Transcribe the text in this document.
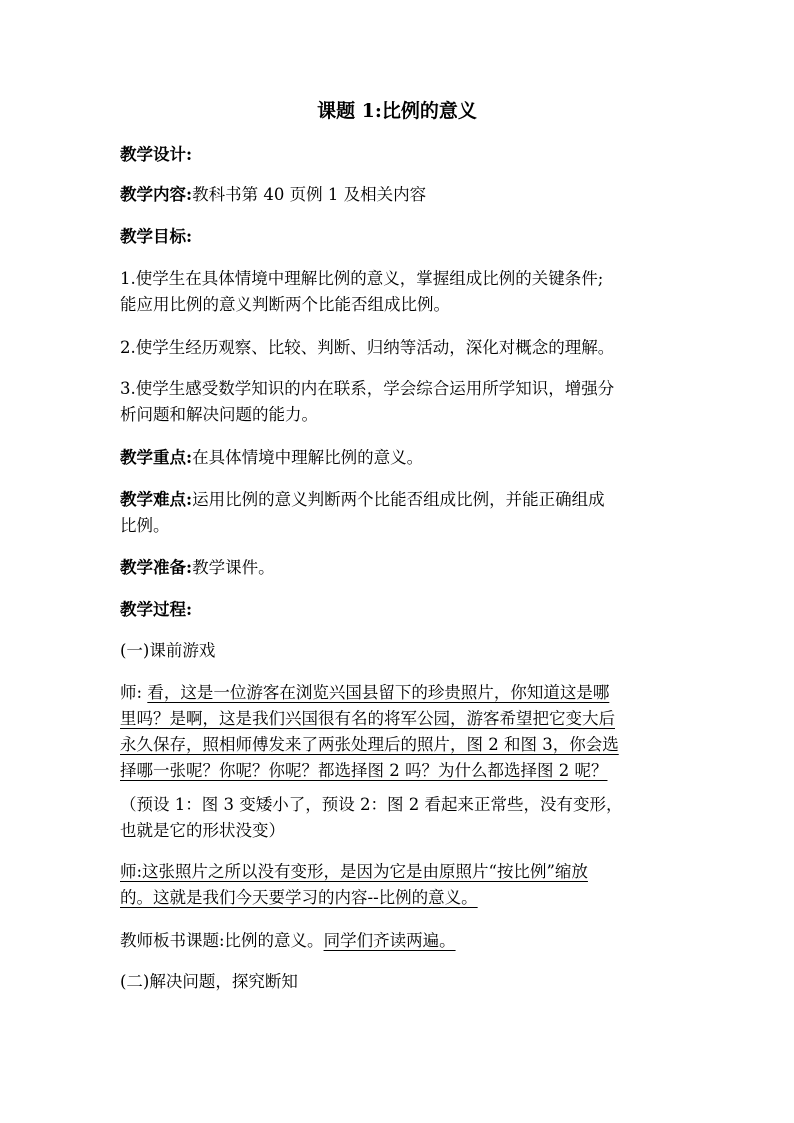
课题 1:比例的意义
教学设计:
教学内容:教科书第 40 页例 1 及相关内容
教学目标:
1.使学生在具体情境中理解比例的意义，掌握组成比例的关键条件;
能应用比例的意义判断两个比能否组成比例。
2.使学生经历观察、比较、判断、归纳等活动，深化对概念的理解。
3.使学生感受数学知识的内在联系，学会综合运用所学知识，增强分
析问题和解决问题的能力。
教学重点:在具体情境中理解比例的意义。
教学难点:运用比例的意义判断两个比能否组成比例，并能正确组成
比例。
教学准备:教学课件。
教学过程:
(一)课前游戏
师: 看，这是一位游客在浏览兴国县留下的珍贵照片，你知道这是哪
里吗？是啊，这是我们兴国很有名的将军公园，游客希望把它变大后
永久保存，照相师傅发来了两张处理后的照片，图 2 和图 3，你会选
择哪一张呢？你呢？你呢？都选择图 2 吗？为什么都选择图 2 呢？
（预设 1：图 3 变矮小了，预设 2：图 2 看起来正常些，没有变形，
也就是它的形状没变）
师:这张照片之所以没有变形，是因为它是由原照片“按比例”缩放
的。这就是我们今天要学习的内容--比例的意义。
教师板书课题:比例的意义。同学们齐读两遍。
(二)解决问题，探究断知
